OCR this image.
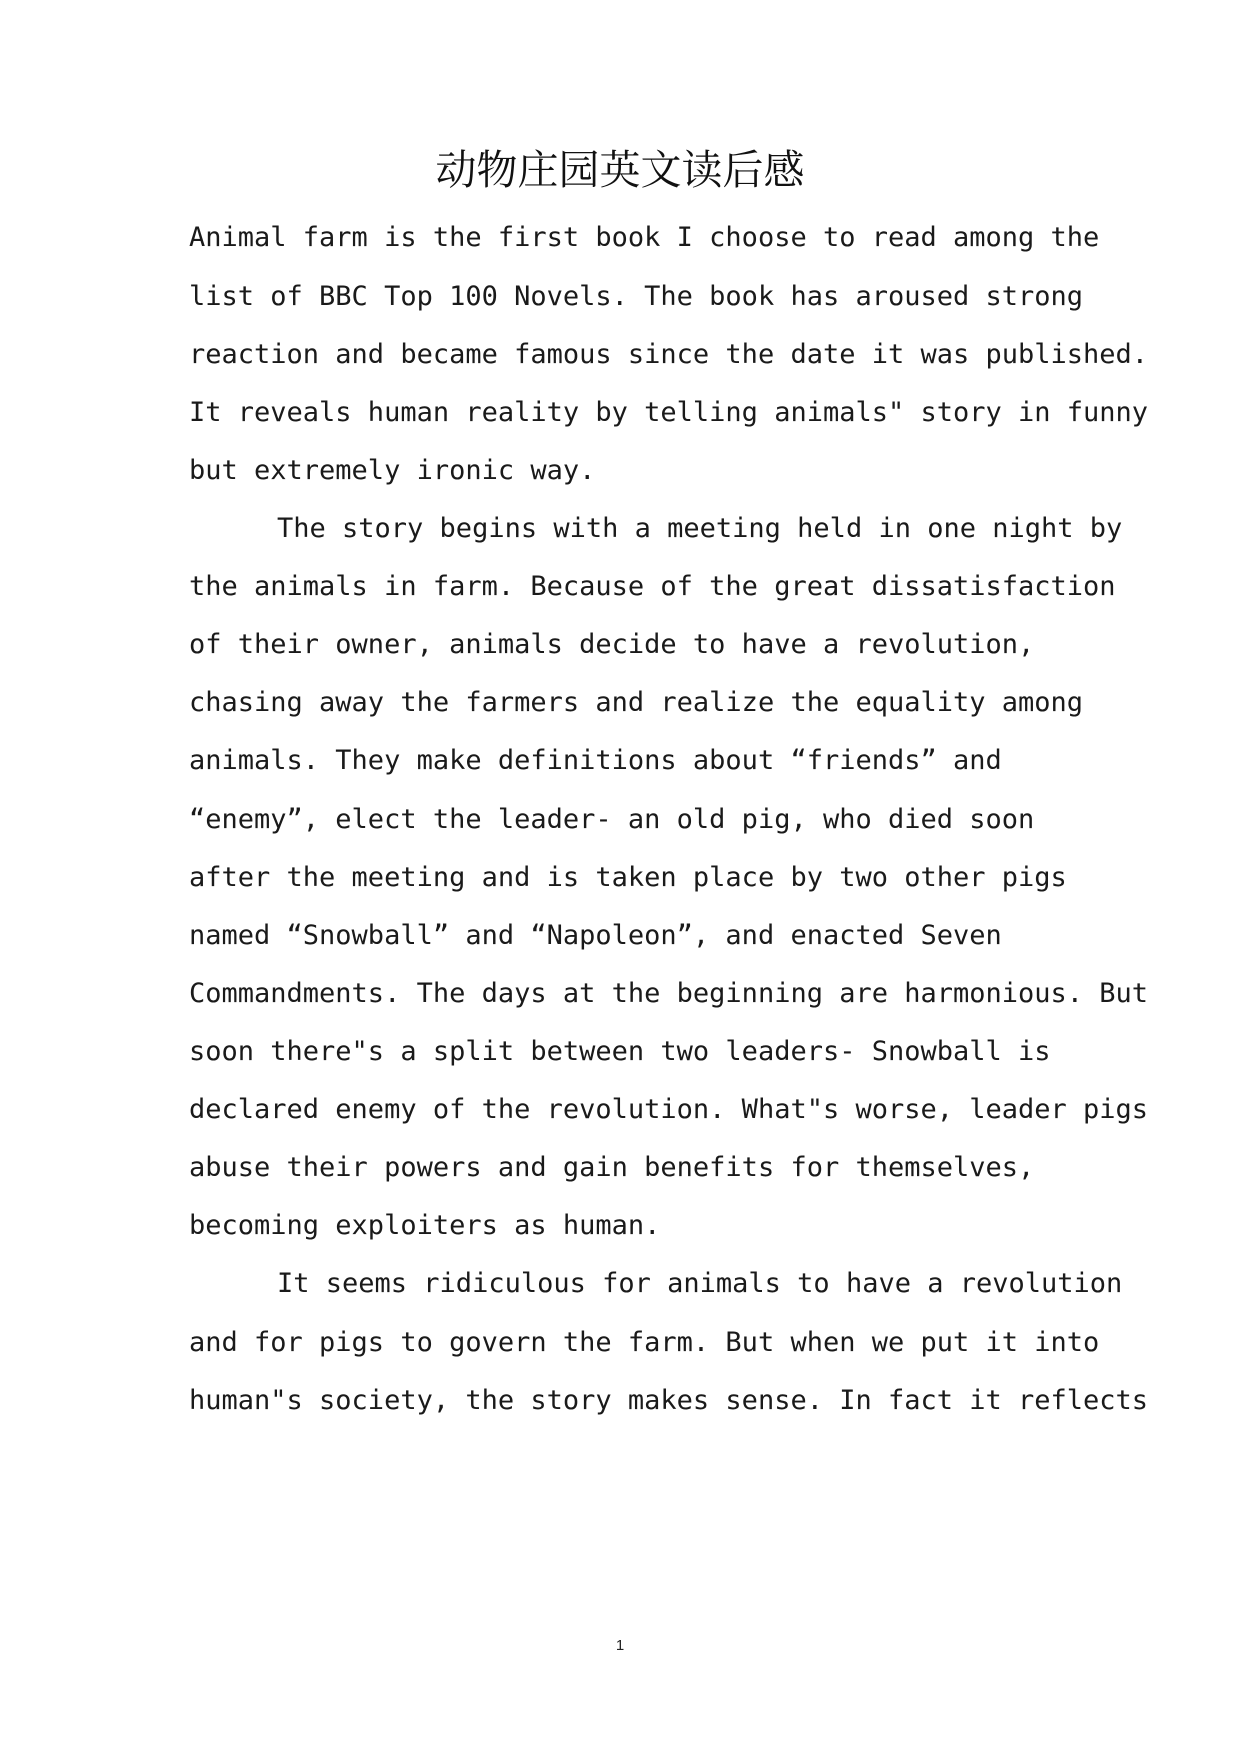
动物庄园英文读后感

Animal farm is the first book I choose to read among the

list of BBC Top 100 Novels. The book has aroused strong

reaction and became famous since the date it was published.

It reveals human reality by telling animals" story in funny

but extremely ironic way.

The story begins with a meeting held in one night by

the animals in farm. Because of the great dissatisfaction

of their owner, animals decide to have a revolution,

chasing away the farmers and realize the equality among

animals. They make definitions about “friends” and

“enemy”, elect the leader- an old pig, who died soon

after the meeting and is taken place by two other pigs

named “Snowball” and “Napoleon”, and enacted Seven

Commandments. The days at the beginning are harmonious. But

soon there"s a split between two leaders- Snowball is

declared enemy of the revolution. What"s worse, leader pigs

abuse their powers and gain benefits for themselves,

becoming exploiters as human.

It seems ridiculous for animals to have a revolution

and for pigs to govern the farm. But when we put it into

human"s society, the story makes sense. In fact it reflects

1
